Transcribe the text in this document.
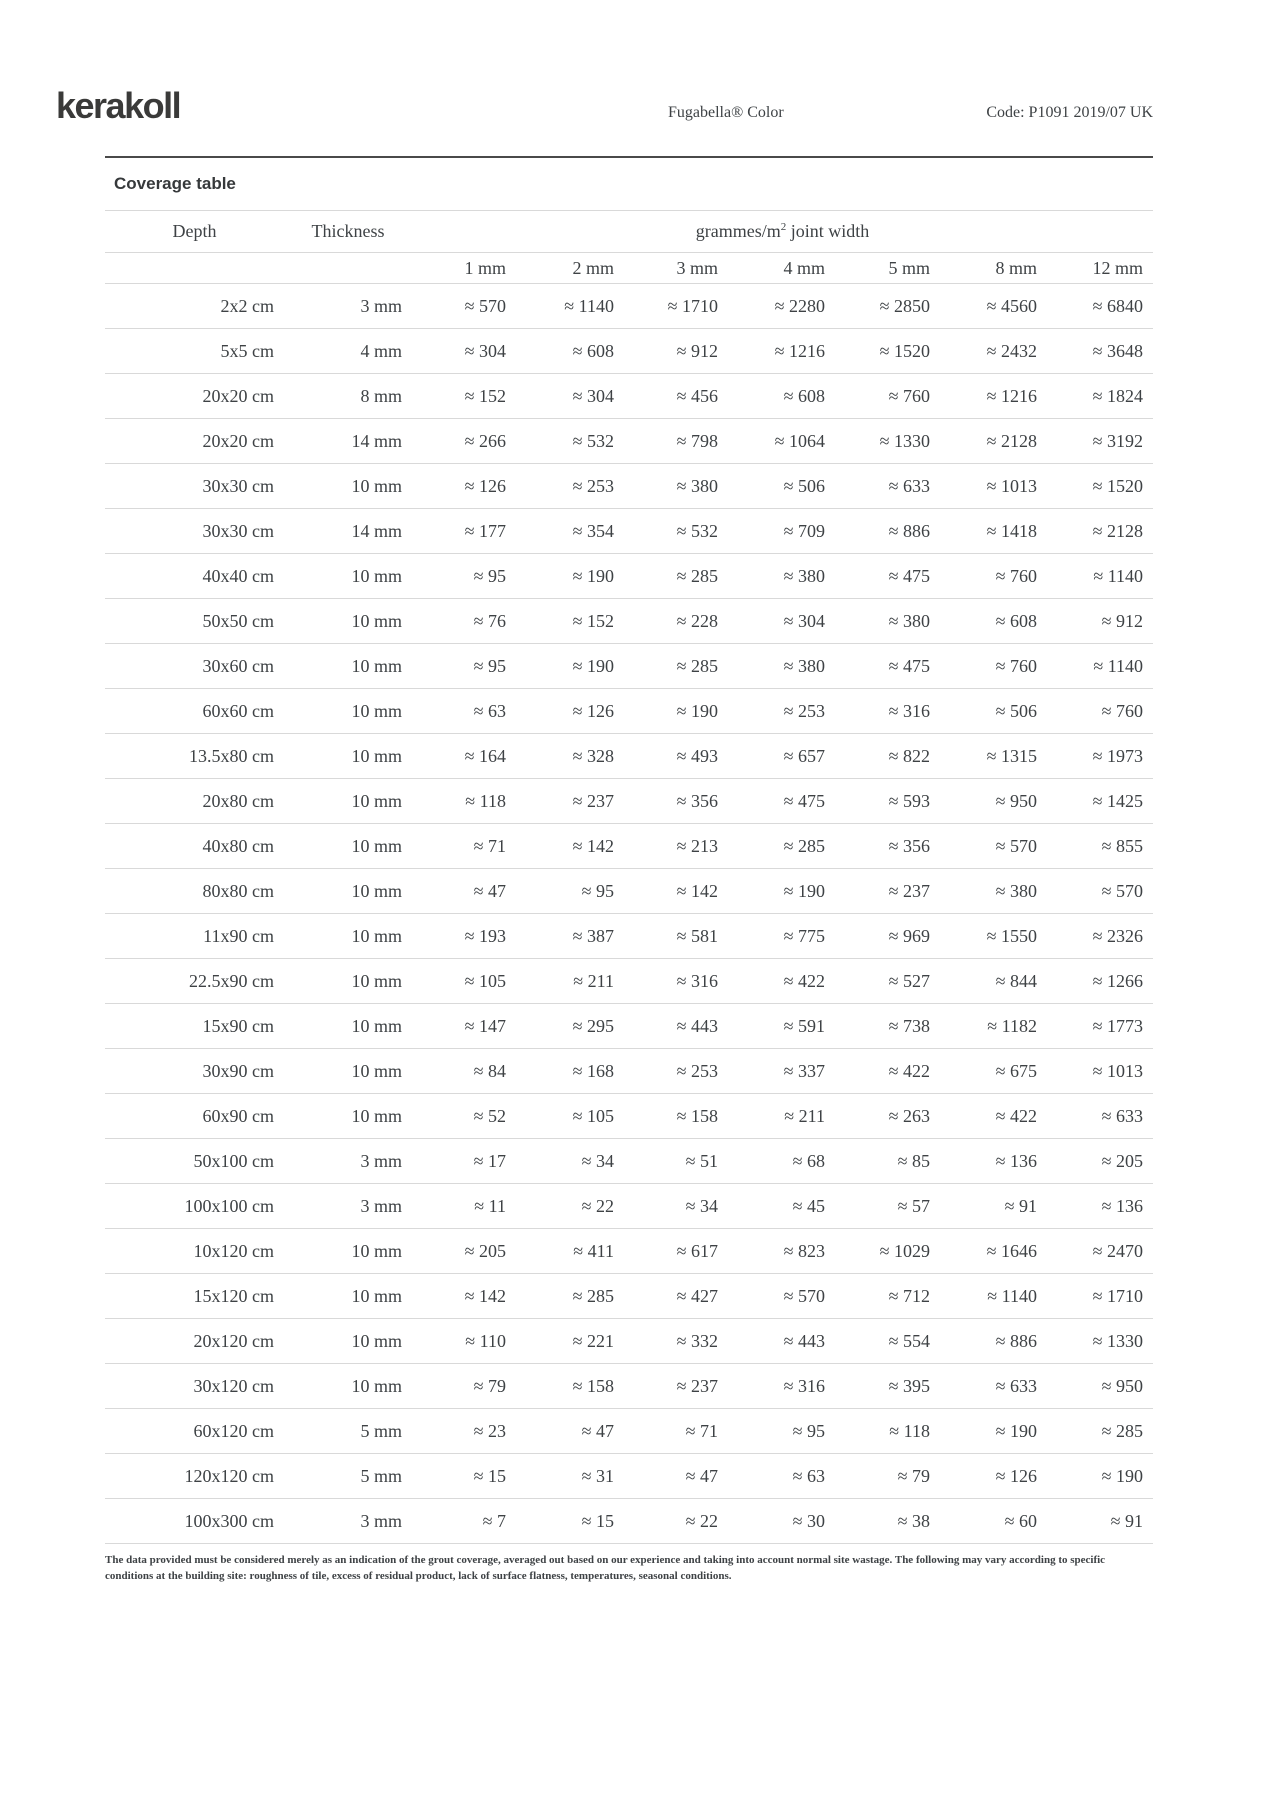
kerakoll	Fugabella® Color	Code: P1091 2019/07 UK
Coverage table
Depth	Thickness	grammes/$m^2$ joint width						
		1 mm	2 mm	3 mm	4 mm	5 mm	8 mm	12 mm
2x2 cm	3 mm	≈ 570	≈ 1140	≈ 1710	≈ 2280	≈ 2850	≈ 4560	≈ 6840
5x5 cm	4 mm	≈ 304	≈ 608	≈ 912	≈ 1216	≈ 1520	≈ 2432	≈ 3648
20x20 cm	8 mm	≈ 152	≈ 304	≈ 456	≈ 608	≈ 760	≈ 1216	≈ 1824
20x20 cm	14 mm	≈ 266	≈ 532	≈ 798	≈ 1064	≈ 1330	≈ 2128	≈ 3192
30x30 cm	10 mm	≈ 126	≈ 253	≈ 380	≈ 506	≈ 633	≈ 1013	≈ 1520
30x30 cm	14 mm	≈ 177	≈ 354	≈ 532	≈ 709	≈ 886	≈ 1418	≈ 2128
40x40 cm	10 mm	≈ 95	≈ 190	≈ 285	≈ 380	≈ 475	≈ 760	≈ 1140
50x50 cm	10 mm	≈ 76	≈ 152	≈ 228	≈ 304	≈ 380	≈ 608	≈ 912
30x60 cm	10 mm	≈ 95	≈ 190	≈ 285	≈ 380	≈ 475	≈ 760	≈ 1140
60x60 cm	10 mm	≈ 63	≈ 126	≈ 190	≈ 253	≈ 316	≈ 506	≈ 760
13.5x80 cm	10 mm	≈ 164	≈ 328	≈ 493	≈ 657	≈ 822	≈ 1315	≈ 1973
20x80 cm	10 mm	≈ 118	≈ 237	≈ 356	≈ 475	≈ 593	≈ 950	≈ 1425
40x80 cm	10 mm	≈ 71	≈ 142	≈ 213	≈ 285	≈ 356	≈ 570	≈ 855
80x80 cm	10 mm	≈ 47	≈ 95	≈ 142	≈ 190	≈ 237	≈ 380	≈ 570
11x90 cm	10 mm	≈ 193	≈ 387	≈ 581	≈ 775	≈ 969	≈ 1550	≈ 2326
22.5x90 cm	10 mm	≈ 105	≈ 211	≈ 316	≈ 422	≈ 527	≈ 844	≈ 1266
15x90 cm	10 mm	≈ 147	≈ 295	≈ 443	≈ 591	≈ 738	≈ 1182	≈ 1773
30x90 cm	10 mm	≈ 84	≈ 168	≈ 253	≈ 337	≈ 422	≈ 675	≈ 1013
60x90 cm	10 mm	≈ 52	≈ 105	≈ 158	≈ 211	≈ 263	≈ 422	≈ 633
50x100 cm	3 mm	≈ 17	≈ 34	≈ 51	≈ 68	≈ 85	≈ 136	≈ 205
100x100 cm	3 mm	≈ 11	≈ 22	≈ 34	≈ 45	≈ 57	≈ 91	≈ 136
10x120 cm	10 mm	≈ 205	≈ 411	≈ 617	≈ 823	≈ 1029	≈ 1646	≈ 2470
15x120 cm	10 mm	≈ 142	≈ 285	≈ 427	≈ 570	≈ 712	≈ 1140	≈ 1710
20x120 cm	10 mm	≈ 110	≈ 221	≈ 332	≈ 443	≈ 554	≈ 886	≈ 1330
30x120 cm	10 mm	≈ 79	≈ 158	≈ 237	≈ 316	≈ 395	≈ 633	≈ 950
60x120 cm	5 mm	≈ 23	≈ 47	≈ 71	≈ 95	≈ 118	≈ 190	≈ 285
120x120 cm	5 mm	≈ 15	≈ 31	≈ 47	≈ 63	≈ 79	≈ 126	≈ 190
100x300 cm	3 mm	≈ 7	≈ 15	≈ 22	≈ 30	≈ 38	≈ 60	≈ 91

The data provided must be considered merely as an indication of the grout coverage, averaged out based on our experience and taking into account normal site wastage. The following may vary according to specific conditions at the building site: roughness of tile, excess of residual product, lack of surface flatness, temperatures, seasonal conditions.
